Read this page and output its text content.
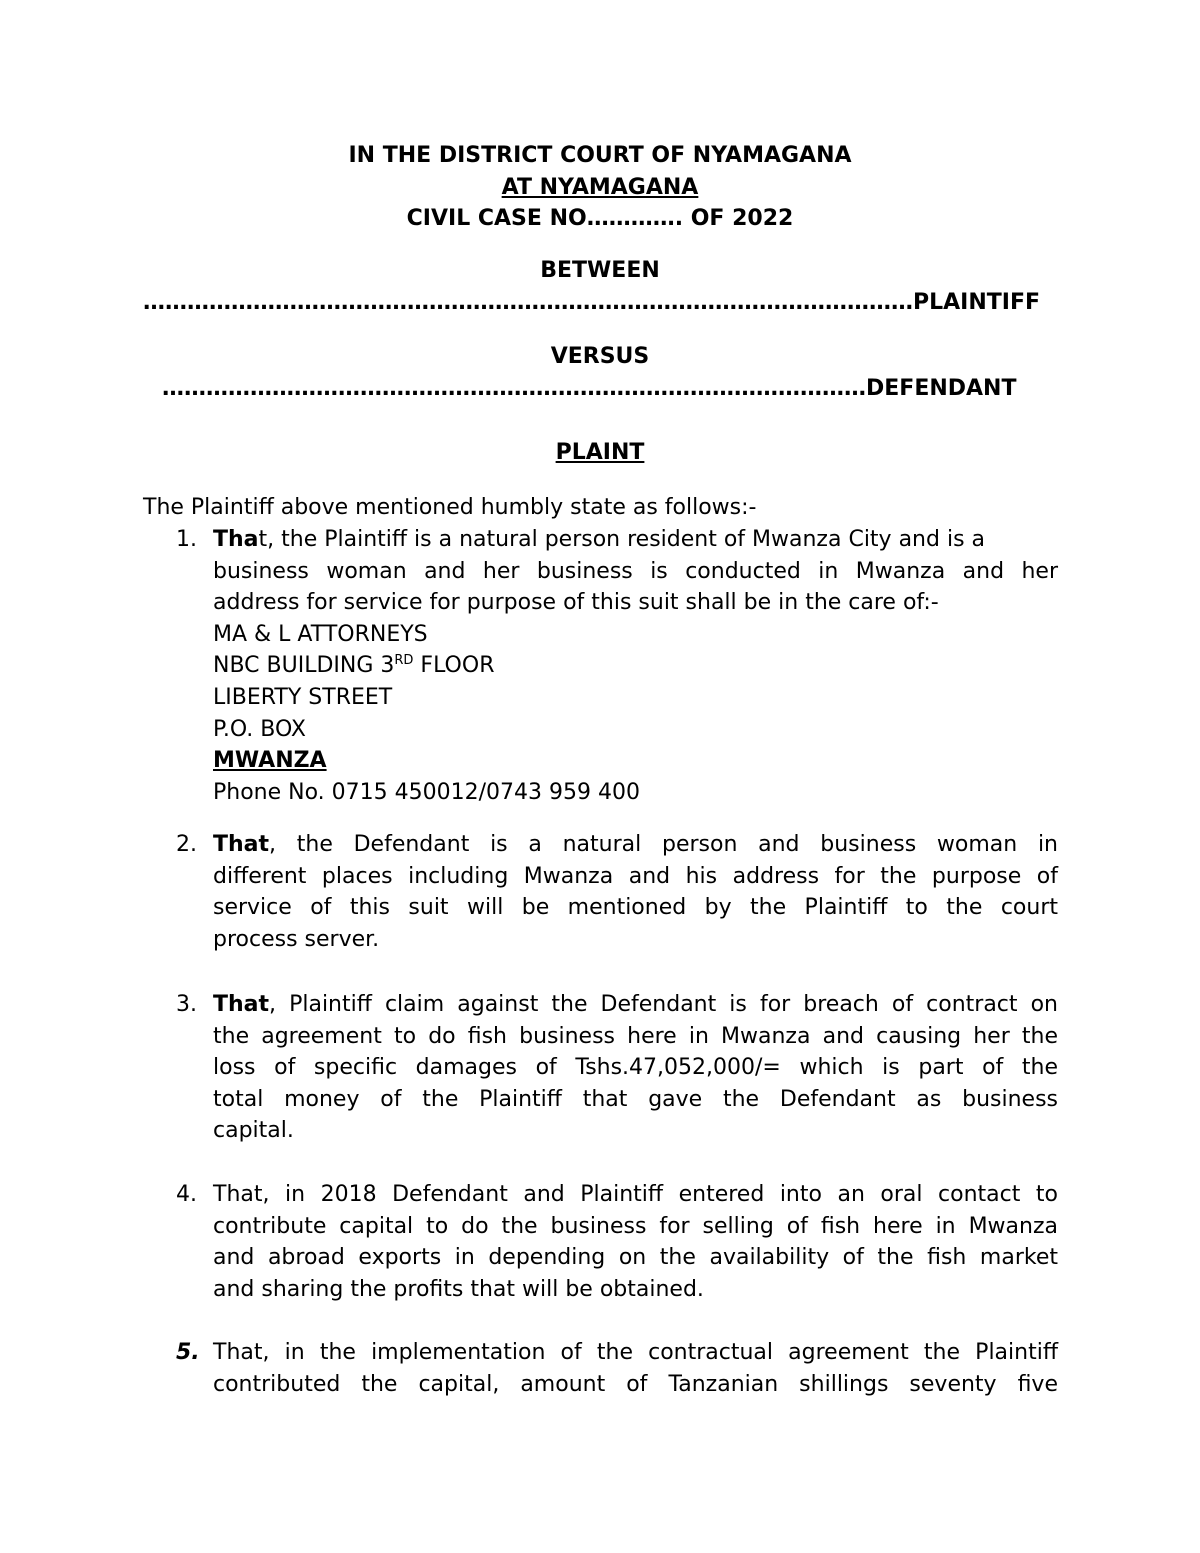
IN THE DISTRICT COURT OF NYAMAGANA
AT NYAMAGANA
CIVIL CASE NO…………. OF 2022
BETWEEN
……………………………………………………………………………………………PLAINTIFF
VERSUS
……………………………………………………………………………………DEFENDANT
PLAINT
The Plaintiff above mentioned humbly state as follows:-
1. That, the Plaintiff is a natural person resident of Mwanza City and is a
business woman and her business is conducted in Mwanza and her
address for service for purpose of this suit shall be in the care of:-
MA & L ATTORNEYS
NBC BUILDING 3RD FLOOR
LIBERTY STREET
P.O. BOX
MWANZA
Phone No. 0715 450012/0743 959 400
2. That, the Defendant is a natural person and business woman in
different places including Mwanza and his address for the purpose of
service of this suit will be mentioned by the Plaintiff to the court
process server.
3. That, Plaintiff claim against the Defendant is for breach of contract on
the agreement to do fish business here in Mwanza and causing her the
loss of specific damages of Tshs.47,052,000/= which is part of the
total money of the Plaintiff that gave the Defendant as business
capital.
4. That, in 2018 Defendant and Plaintiff entered into an oral contact to
contribute capital to do the business for selling of fish here in Mwanza
and abroad exports in depending on the availability of the fish market
and sharing the profits that will be obtained.
5. That, in the implementation of the contractual agreement the Plaintiff
contributed the capital, amount of Tanzanian shillings seventy five
